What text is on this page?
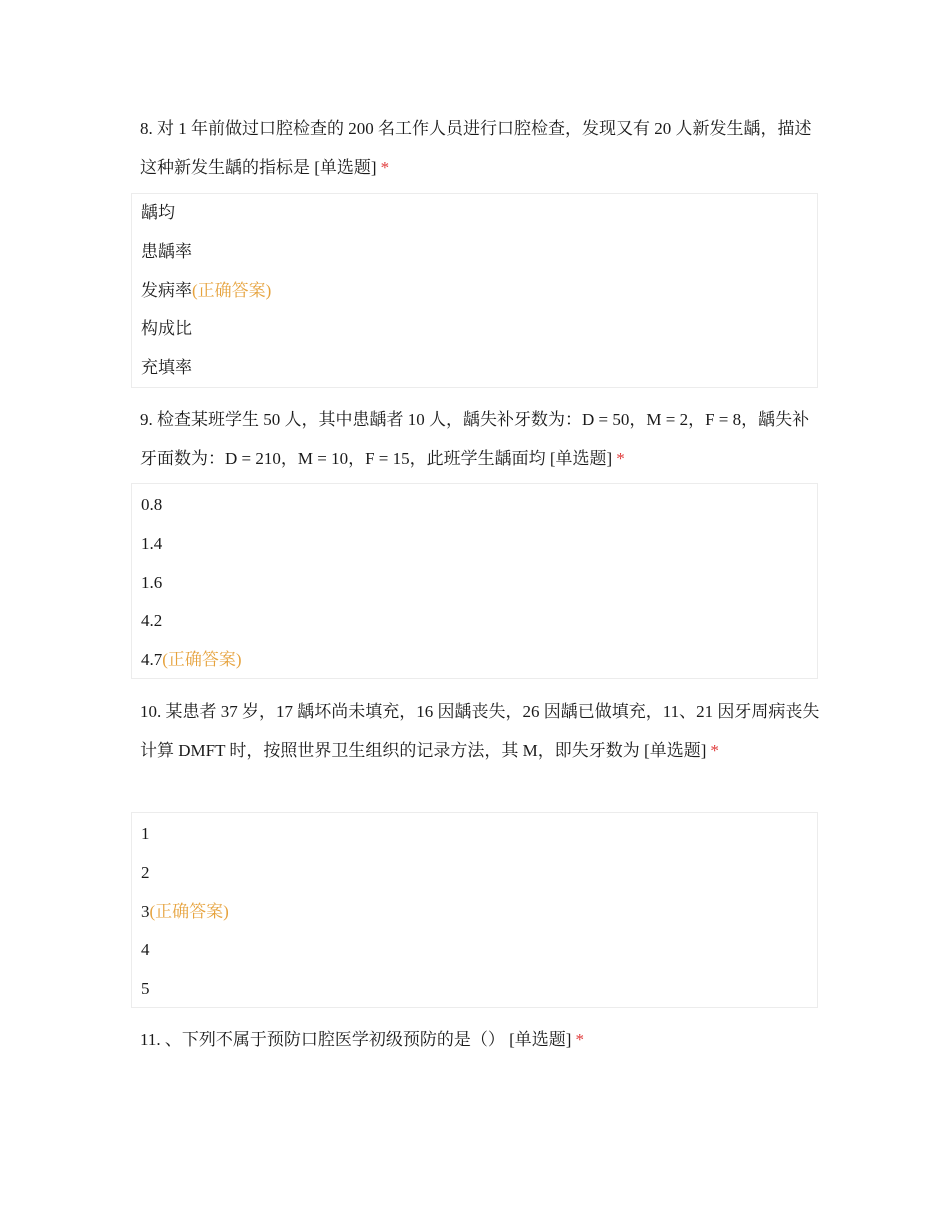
8. 对 1 年前做过口腔检查的 200 名工作人员进行口腔检查，发现又有 20 人新发生龋，描述这种新发生龋的指标是 [单选题] *
龋均
患龋率
发病率(正确答案)
构成比
充填率
9. 检查某班学生 50 人，其中患龋者 10 人，龋失补牙数为：D = 50，M = 2，F = 8，龋失补牙面数为：D = 210，M = 10，F = 15，此班学生龋面均 [单选题] *
0.8
1.4
1.6
4.2
4.7(正确答案)
10. 某患者 37 岁，17 龋坏尚未填充，16 因龋丧失，26 因龋已做填充，11、21 因牙周病丧失计算 DMFT 时，按照世界卫生组织的记录方法，其 M，即失牙数为 [单选题] *
1
2
3(正确答案)
4
5
11. 、下列不属于预防口腔医学初级预防的是（） [单选题] *
